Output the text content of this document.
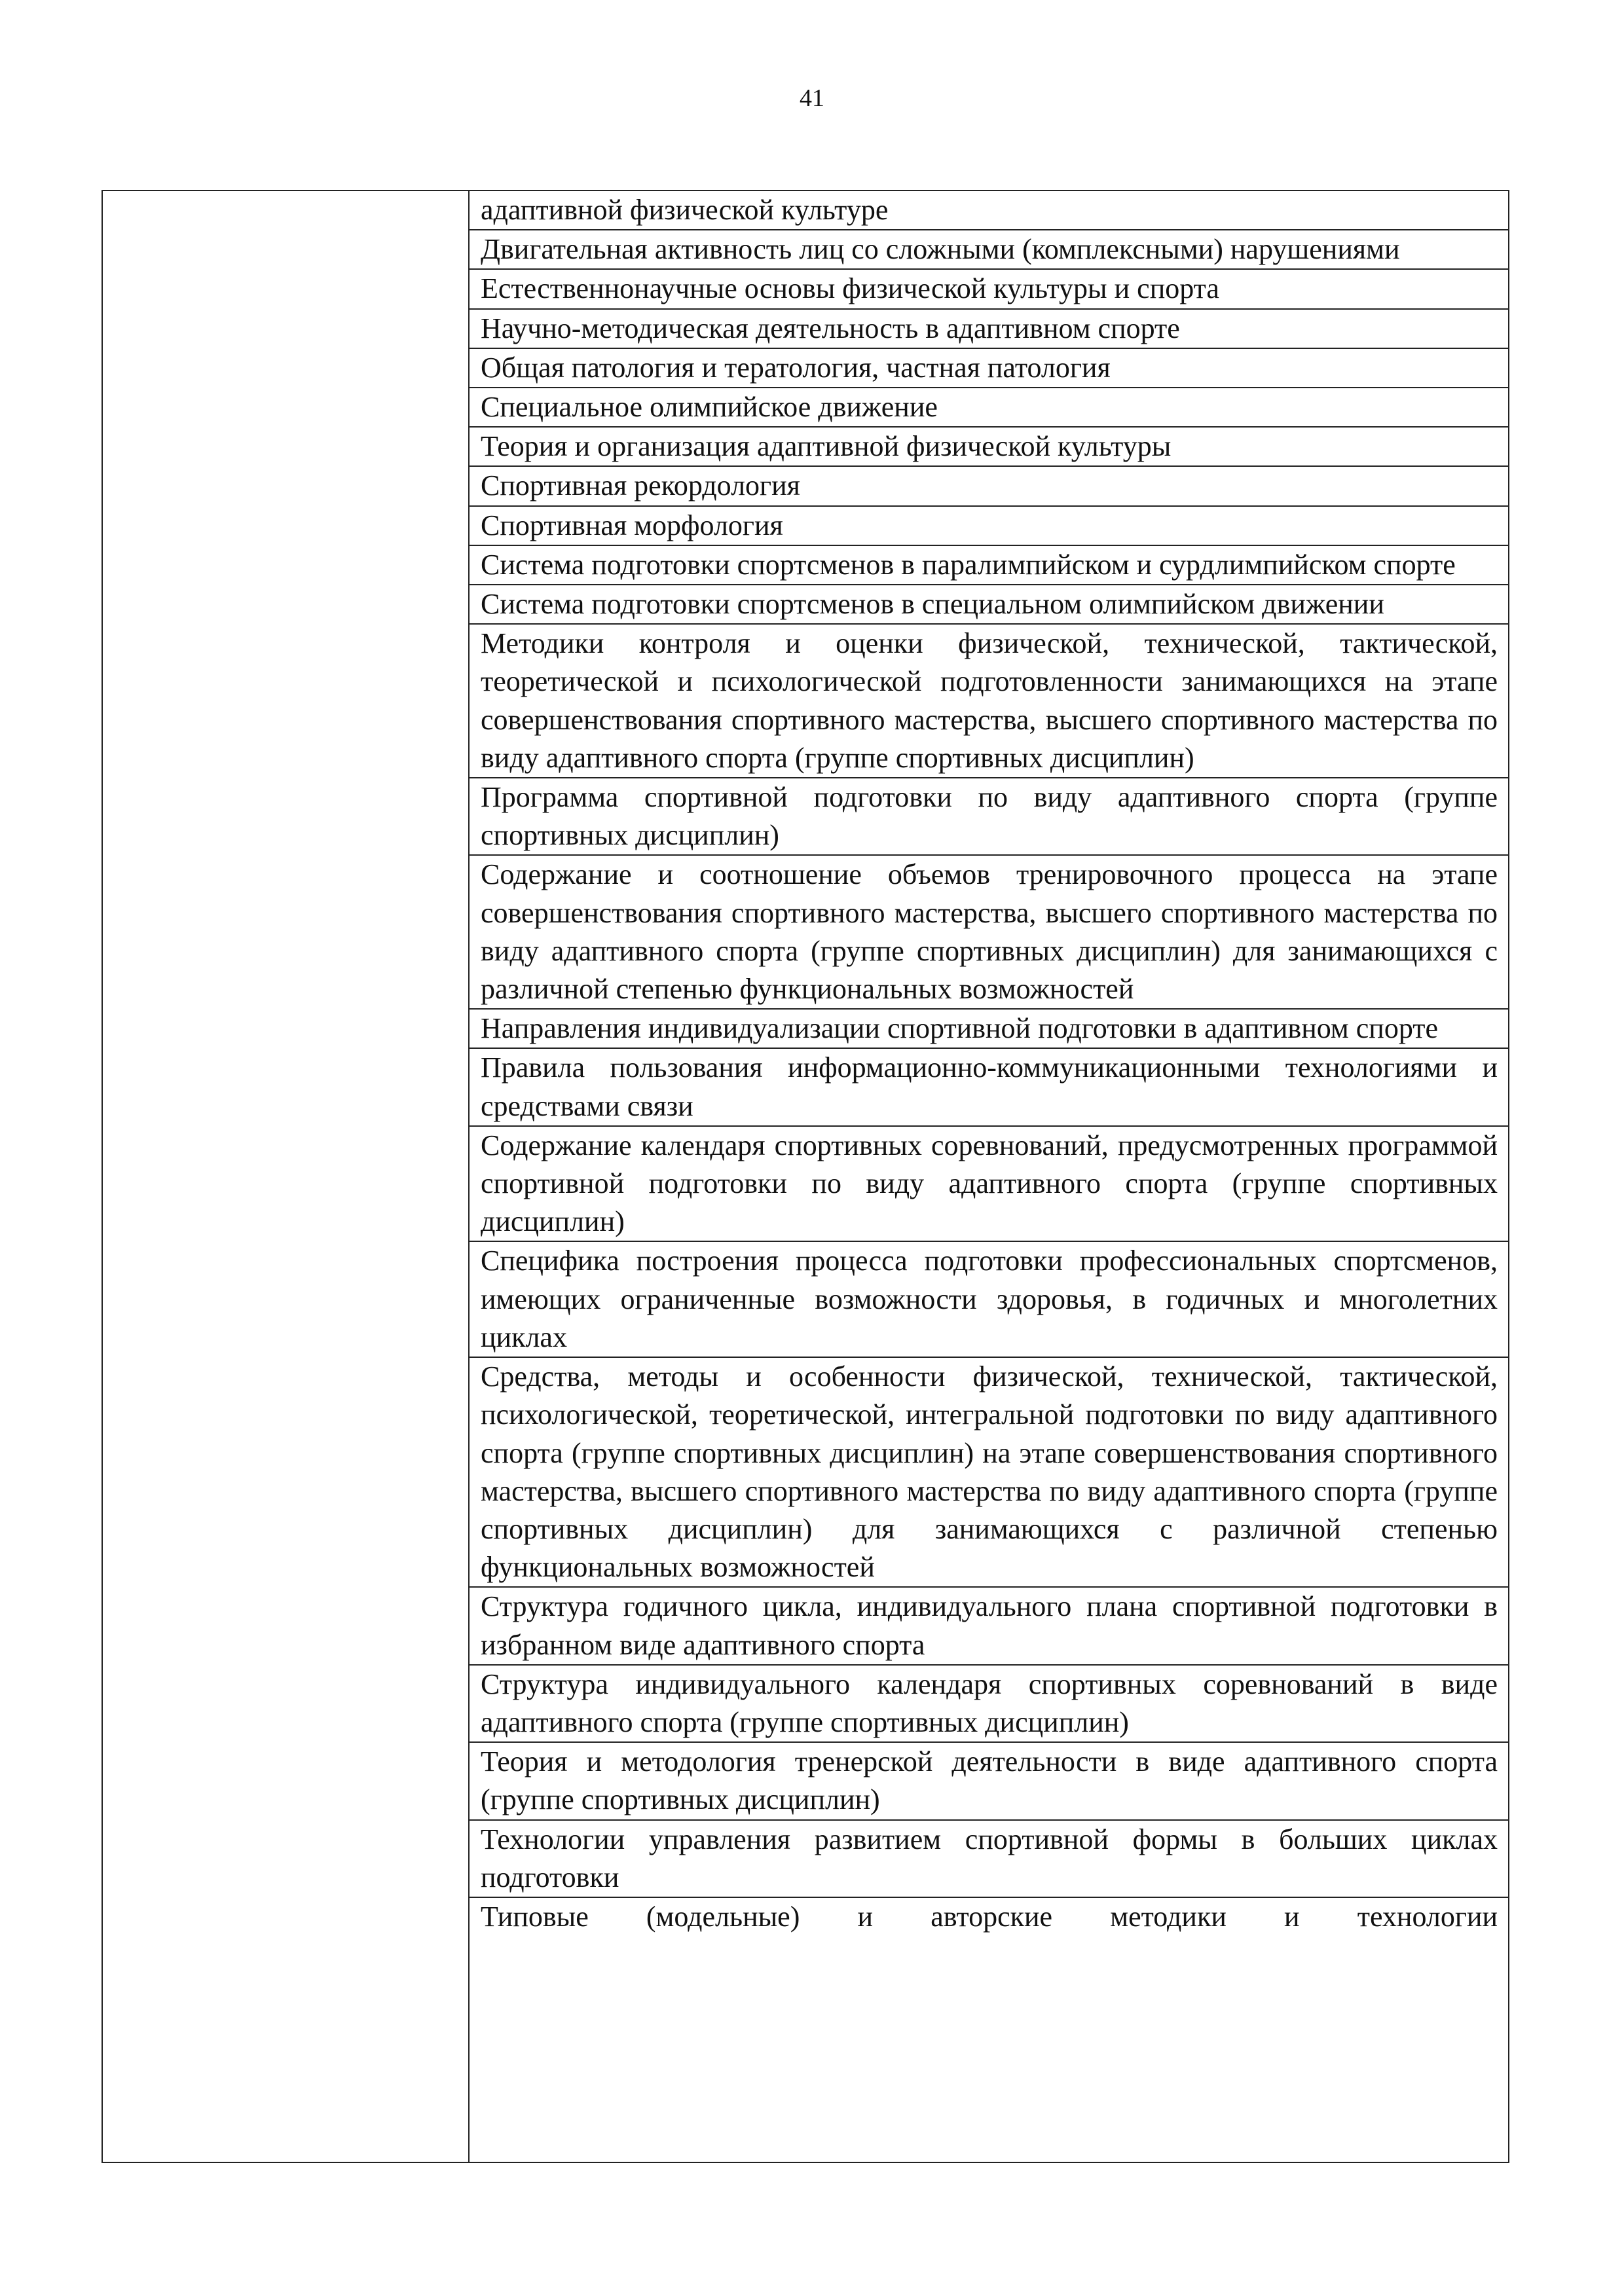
41
адаптивной физической культуре
Двигательная активность лиц со сложными (комплексными) нарушениями
Естественнонаучные основы физической культуры и спорта
Научно-методическая деятельность в адаптивном спорте
Общая патология и тератология, частная патология
Специальное олимпийское движение
Теория и организация адаптивной физической культуры
Спортивная рекордология
Спортивная морфология
Система подготовки спортсменов в паралимпийском и сурдлимпийском спорте
Система подготовки спортсменов в специальном олимпийском движении
Методики контроля и оценки физической, технической, тактической, теоретической и психологической подготовленности занимающихся на этапе совершенствования спортивного мастерства, высшего спортивного мастерства по виду адаптивного спорта (группе спортивных дисциплин)
Программа спортивной подготовки по виду адаптивного спорта (группе спортивных дисциплин)
Содержание и соотношение объемов тренировочного процесса на этапе совершенствования спортивного мастерства, высшего спортивного мастерства по виду адаптивного спорта (группе спортивных дисциплин) для занимающихся с различной степенью функциональных возможностей
Направления индивидуализации спортивной подготовки в адаптивном спорте
Правила пользования информационно-коммуникационными технологиями и средствами связи
Содержание календаря спортивных соревнований, предусмотренных программой спортивной подготовки по виду адаптивного спорта (группе спортивных дисциплин)
Специфика построения процесса подготовки профессиональных спортсменов, имеющих ограниченные возможности здоровья, в годичных и многолетних циклах
Средства, методы и особенности физической, технической, тактической, психологической, теоретической, интегральной подготовки по виду адаптивного спорта (группе спортивных дисциплин) на этапе совершенствования спортивного мастерства, высшего спортивного мастерства по виду адаптивного спорта (группе спортивных дисциплин) для занимающихся с различной степенью функциональных возможностей
Структура годичного цикла, индивидуального плана спортивной подготовки в избранном виде адаптивного спорта
Структура индивидуального календаря спортивных соревнований в виде адаптивного спорта (группе спортивных дисциплин)
Теория и методология тренерской деятельности в виде адаптивного спорта (группе спортивных дисциплин)
Технологии управления развитием спортивной формы в больших циклах подготовки
Типовые (модельные) и авторские методики и технологии
